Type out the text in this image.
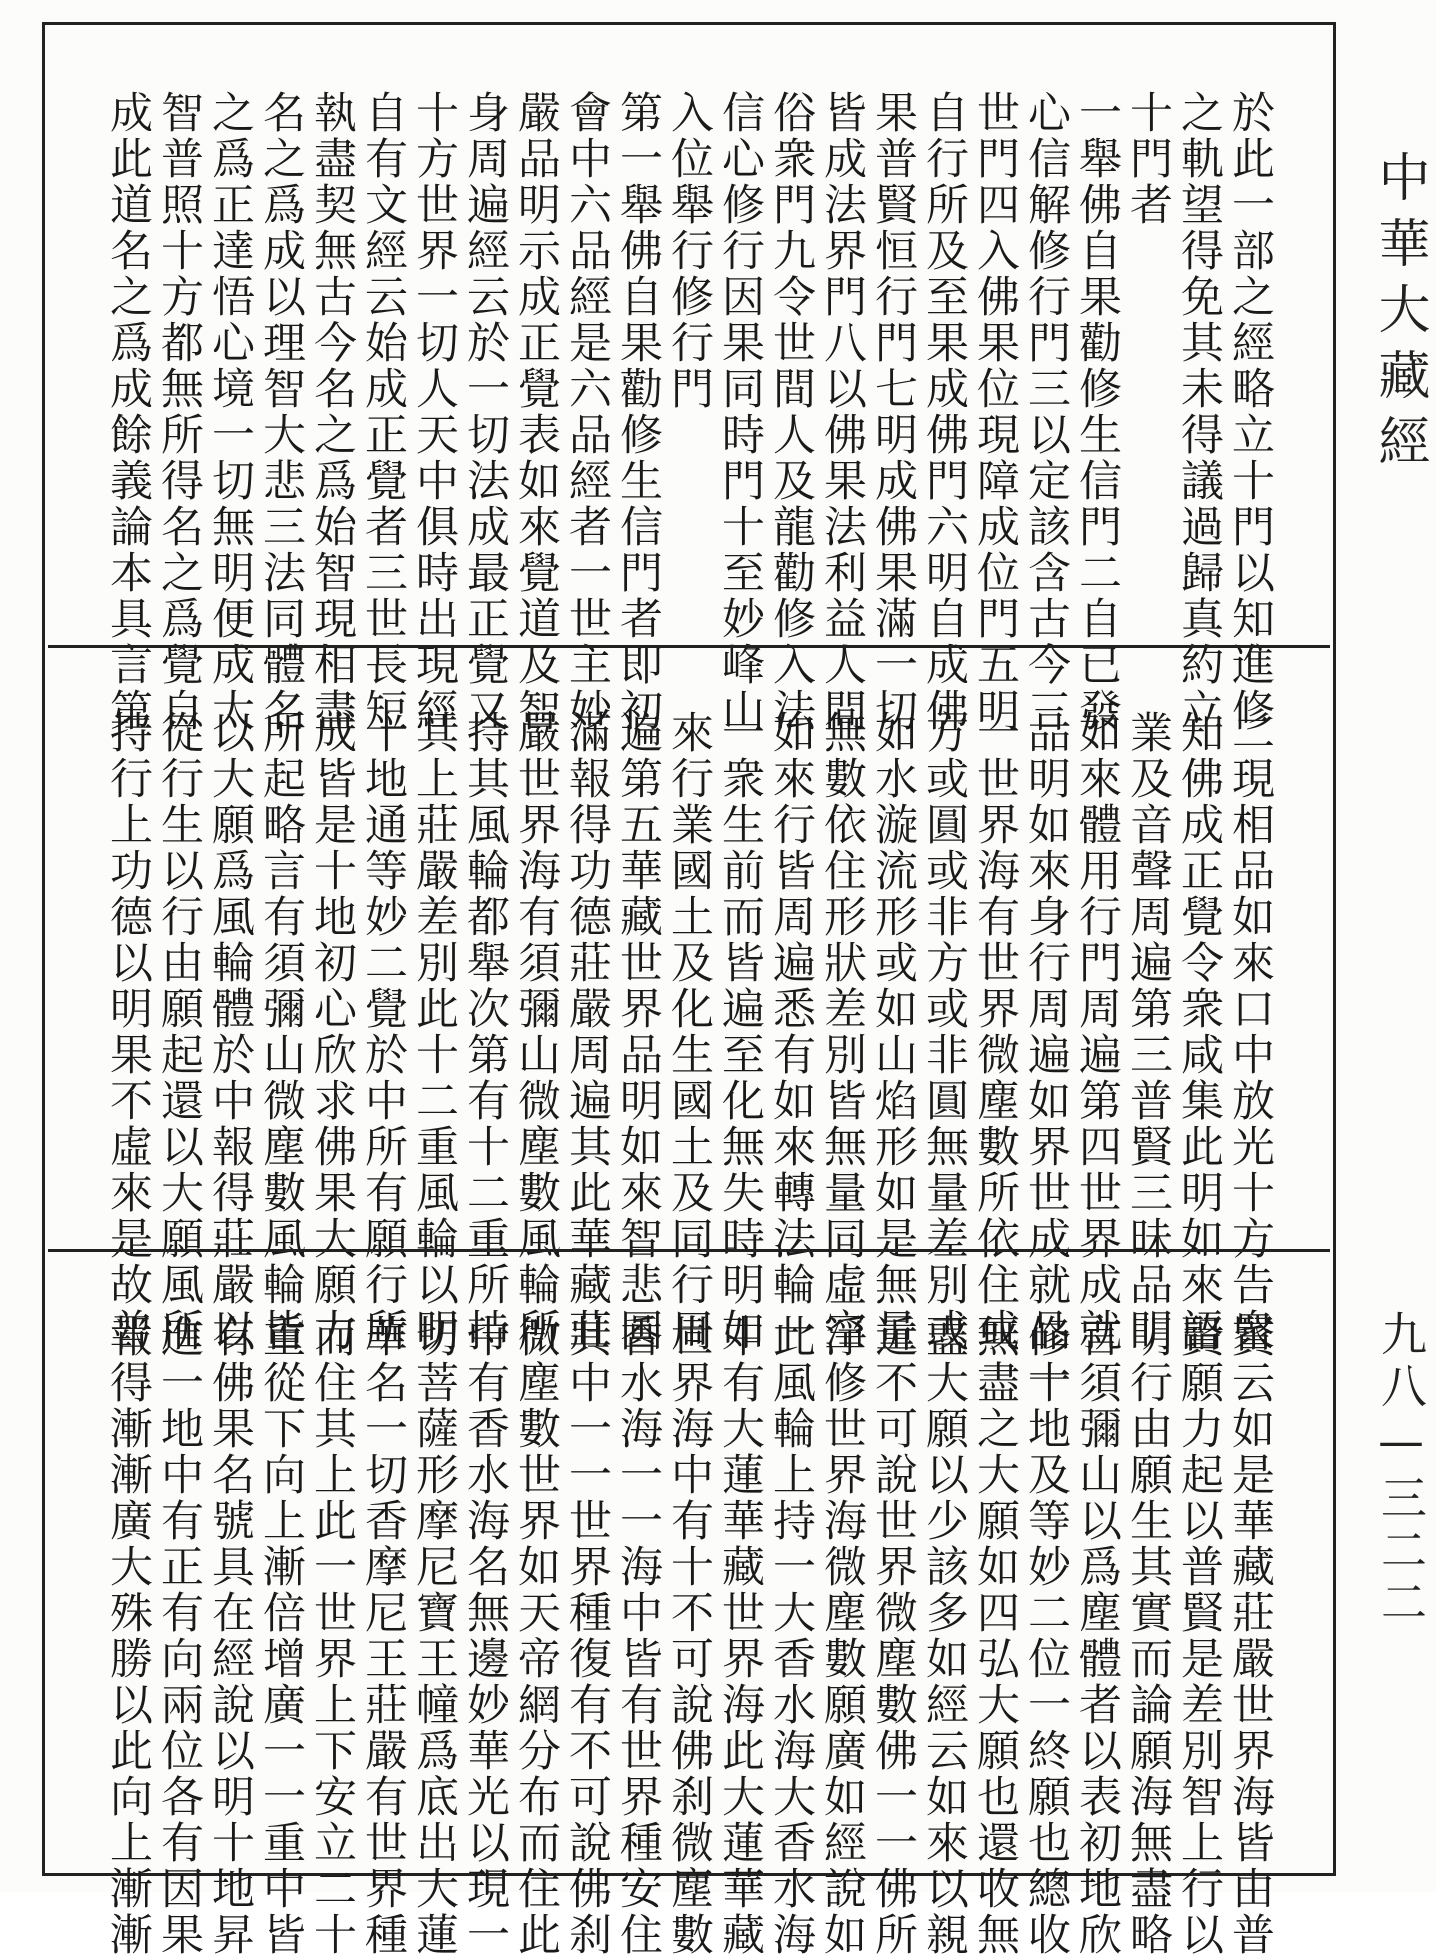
於此一部之經略立十門以知進修
之軌望得免其未得議過歸真約立
十門者
一舉佛自果勸修生信門二自已發
心信解修行門三以定該含古今三
世門四入佛果位現障成位門五明
自行所及至果成佛門六明自成佛
果普賢恒行門七明成佛果滿一切
皆成法界門八以佛果法利益人間
俗衆門九令世間人及龍勸修入法
信心修行因果同時門十至妙峰山
入位舉行修行門
第一舉佛自果勸修生信門者即初
會中六品經是六品經者一世主妙
嚴品明示成正覺表如來覺道及智
身周遍經云於一切法成最正覺又
十方世界一切人天中俱時出現經
自有文經云始成正覺者三世長短
執盡契無古今名之爲始智現相盡
名之爲成以理智大悲三法同體名
之爲正達悟心境一切無明便成大
智普照十方都無所得名之爲覺自
成此道名之爲成餘義論本具言第
二現相品如來口中放光十方告衆
知佛成正覺令衆咸集此明如來語
業及音聲周遍第三普賢三昧品明
如來體用行門周遍第四世界成就
品明如來身行周遍如界世成就品一
一世界海有世界微塵數所依住或
方或圓或非方或非圓無量差別或
如水漩流形或如山焰形如是無量
無數依住形狀差別皆無量同虛空
如來行皆周遍悉有如來轉法輪一
一衆生前而皆遍至化無失時明如
來行業國土及化生國土及同行周
遍第五華藏世界品明如來智悲圓
滿報得功德莊嚴周遍其此華藏莊
嚴世界海有須彌山微塵數風輪所
持其風輪都舉次第有十二重所持
其上莊嚴差別此十二重風輪以明
十地通等妙二覺於中所有願行所
成皆是十地初心欣求佛果大願力
所起略言有須彌山微塵數風輪皆
以大願爲風輪體於中報得莊嚴以
從行生以行由願起還以大願風所
持行上功德以明果不虛來是故普
賢云如是華藏莊嚴世界海皆由普
賢願力起以普賢是差別智上行以
明行由願生其實而論願海無盡略
言須彌山以爲塵體者以表初地欣
修十地及等妙二位一終願也總收
無盡之大願如四弘大願也還收無
盡大願以少該多如經云如來以親
近不可說世界微塵數佛一一佛所
淨修世界海微塵數願廣如經說如
此風輪上持一大香水海大香水海
中有大蓮華藏世界海此大蓮華藏
世界海中有十不可說佛刹微塵數
香水海一一海中皆有世界種安住
其中一一世界種復有不可說佛刹
微塵數世界如天帝網分布而住此
中有香水海名無邊妙華光以現一
切菩薩形摩尼寶王幢爲底出大蓮
華名一切香摩尼王莊嚴有世界種
而住其上此一世界上下安立二十
重從下向上漸倍增廣一一重中皆
有佛果名號具在經說以明十地昇
進一地中有正有向兩位各有因果
報得漸漸廣大殊勝以此向上漸漸
中華大藏經
九八—三二二
